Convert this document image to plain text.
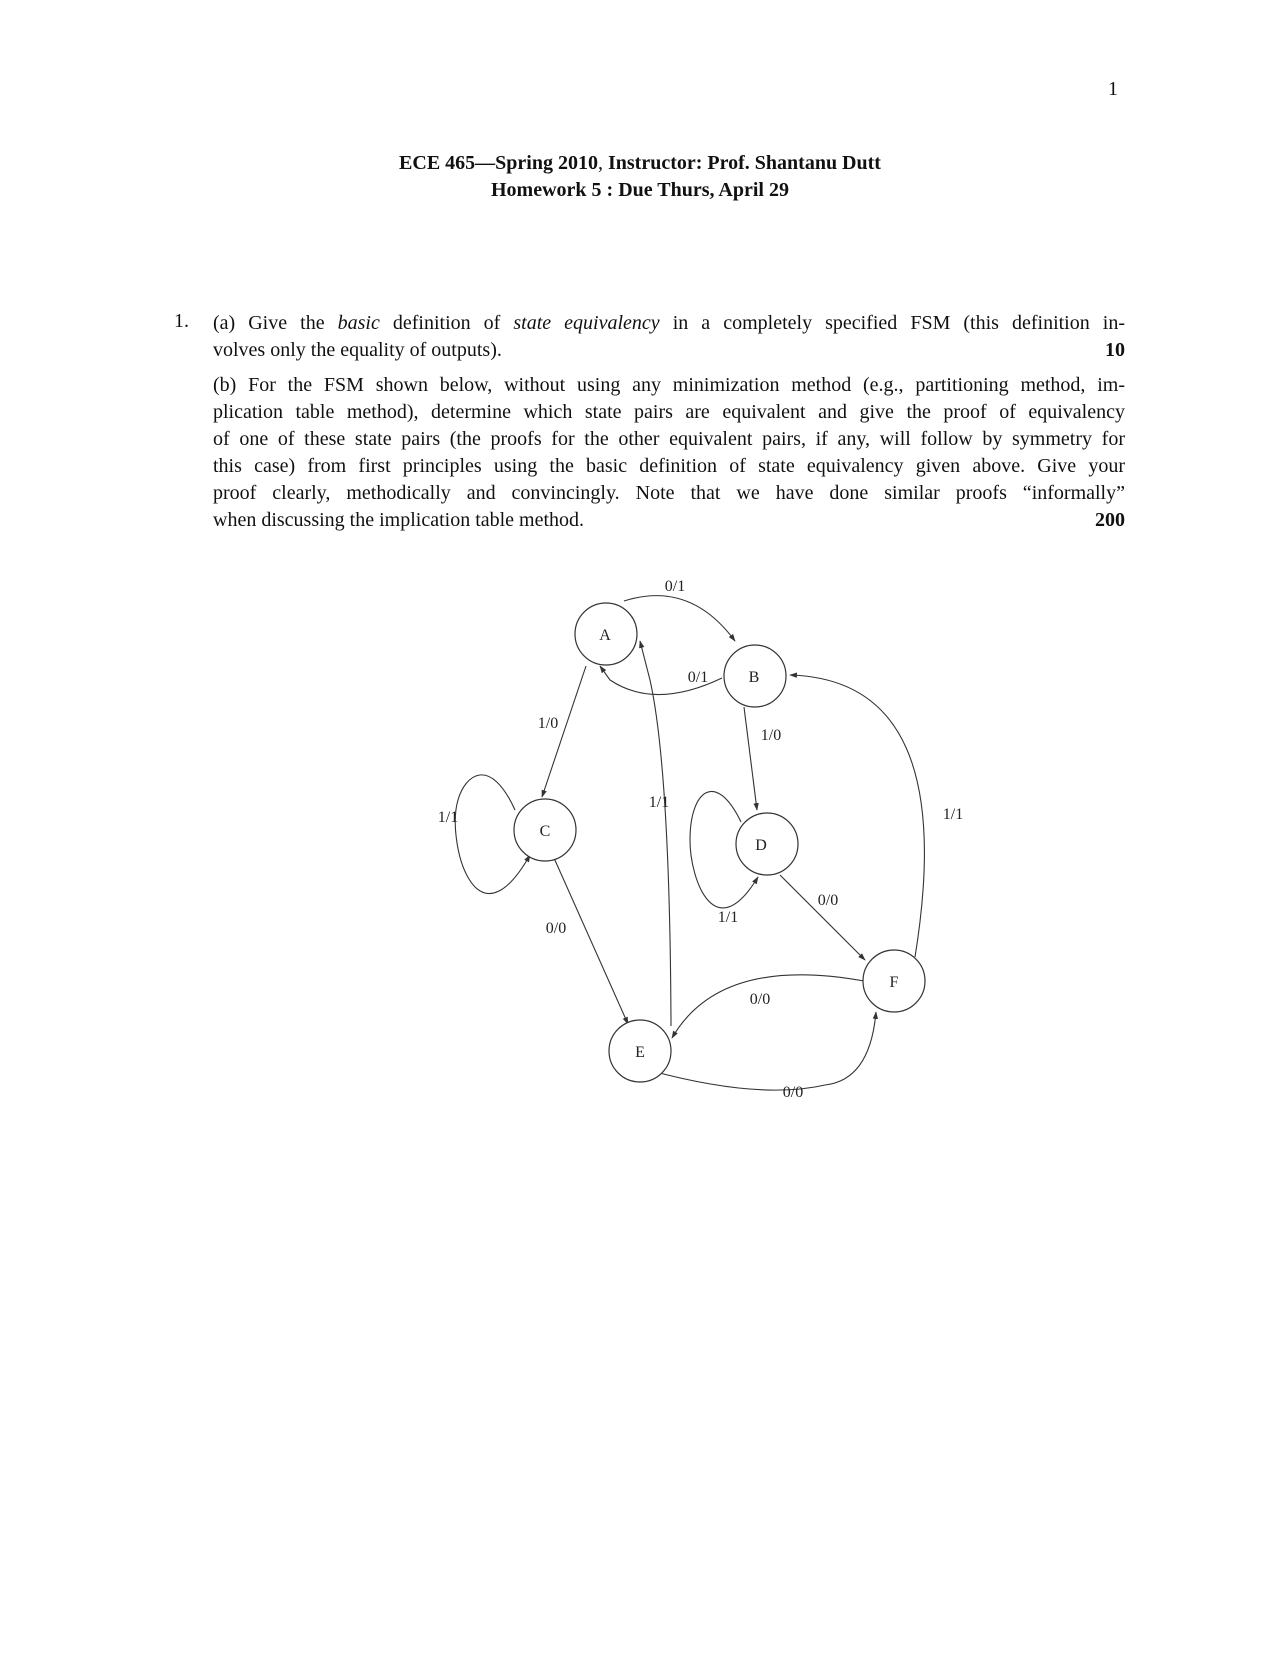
1
ECE 465—Spring 2010, Instructor: Prof. Shantanu Dutt
Homework 5 : Due Thurs, April 29
1. (a) Give the basic definition of state equivalency in a completely specified FSM (this definition in-
volves only the equality of outputs).	10
(b) For the FSM shown below, without using any minimization method (e.g., partitioning method, im-
plication table method), determine which state pairs are equivalent and give the proof of equivalency
of one of these state pairs (the proofs for the other equivalent pairs, if any, will follow by symmetry for
this case) from first principles using the basic definition of state equivalency given above. Give your
proof clearly, methodically and convincingly. Note that we have done similar proofs “informally”
when discussing the implication table method.	200
A
B
C
D
E
F
0/1
0/1
1/0
1/0
1/1
0/0
1/1
1/1
0/0
1/1
0/0
0/0
